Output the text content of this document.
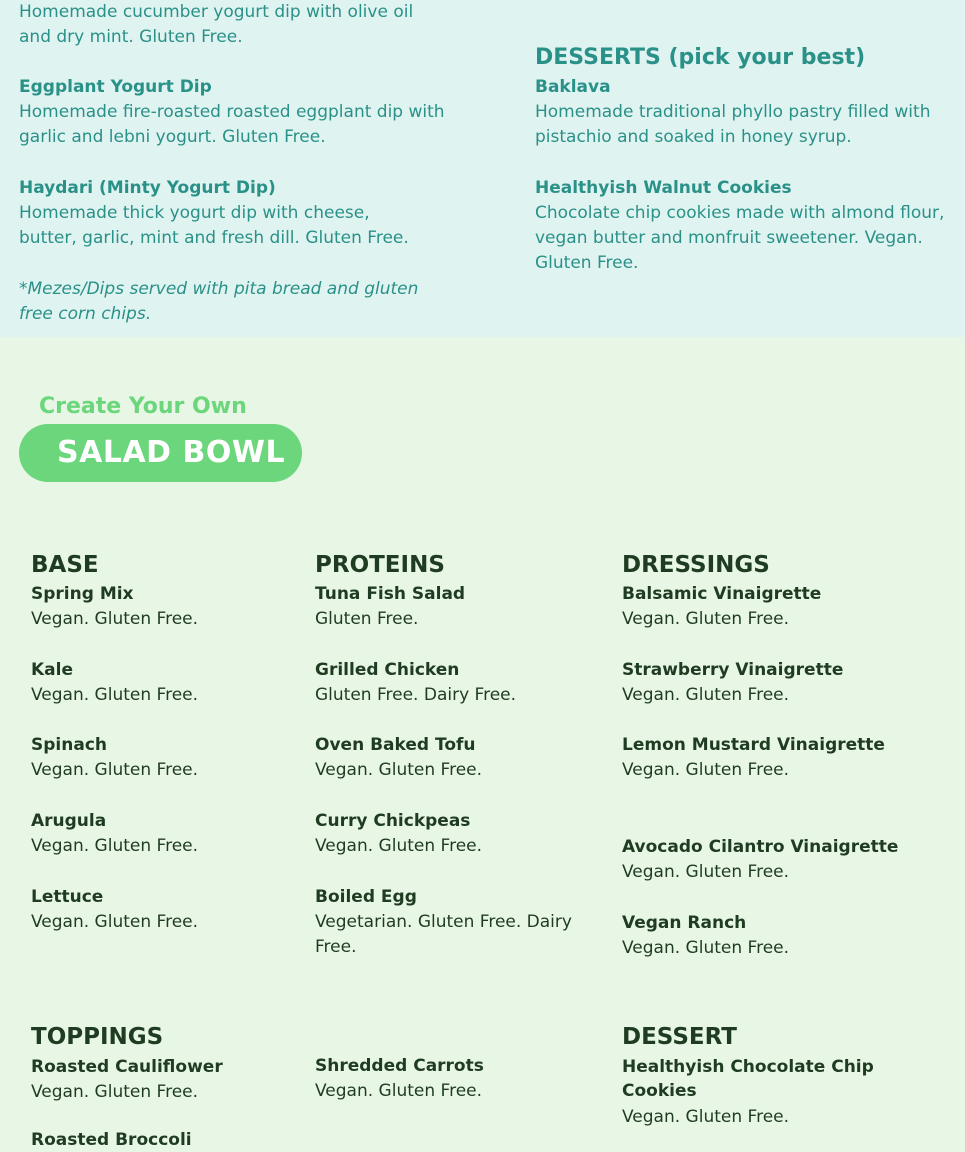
Homemade cucumber yogurt dip with olive oil and dry mint. Gluten Free.
Eggplant Yogurt Dip
Homemade fire-roasted roasted eggplant dip with garlic and lebni yogurt. Gluten Free.
Haydari (Minty Yogurt Dip)
Homemade thick yogurt dip with cheese, butter, garlic, mint and fresh dill. Gluten Free.
*Mezes/Dips served with pita bread and gluten free corn chips.
DESSERTS (pick your best)
Baklava
Homemade traditional phyllo pastry filled with pistachio and soaked in honey syrup.
Healthyish Walnut Cookies
Chocolate chip cookies made with almond flour, vegan butter and monfruit sweetener. Vegan. Gluten Free.
Create Your Own
SALAD BOWL
BASE
Spring Mix
Vegan. Gluten Free.
Kale
Vegan. Gluten Free.
Spinach
Vegan. Gluten Free.
Arugula
Vegan. Gluten Free.
Lettuce
Vegan. Gluten Free.
PROTEINS
Tuna Fish Salad
Gluten Free.
Grilled Chicken
Gluten Free. Dairy Free.
Oven Baked Tofu
Vegan. Gluten Free.
Curry Chickpeas
Vegan. Gluten Free.
Boiled Egg
Vegetarian. Gluten Free. Dairy Free.
DRESSINGS
Balsamic Vinaigrette
Vegan. Gluten Free.
Strawberry Vinaigrette
Vegan. Gluten Free.
Lemon Mustard Vinaigrette
Vegan. Gluten Free.
Avocado Cilantro Vinaigrette
Vegan. Gluten Free.
Vegan Ranch
Vegan. Gluten Free.
TOPPINGS
Roasted Cauliflower
Vegan. Gluten Free.
Roasted Broccoli
Shredded Carrots
Vegan. Gluten Free.
DESSERT
Healthyish Chocolate Chip Cookies
Vegan. Gluten Free.
